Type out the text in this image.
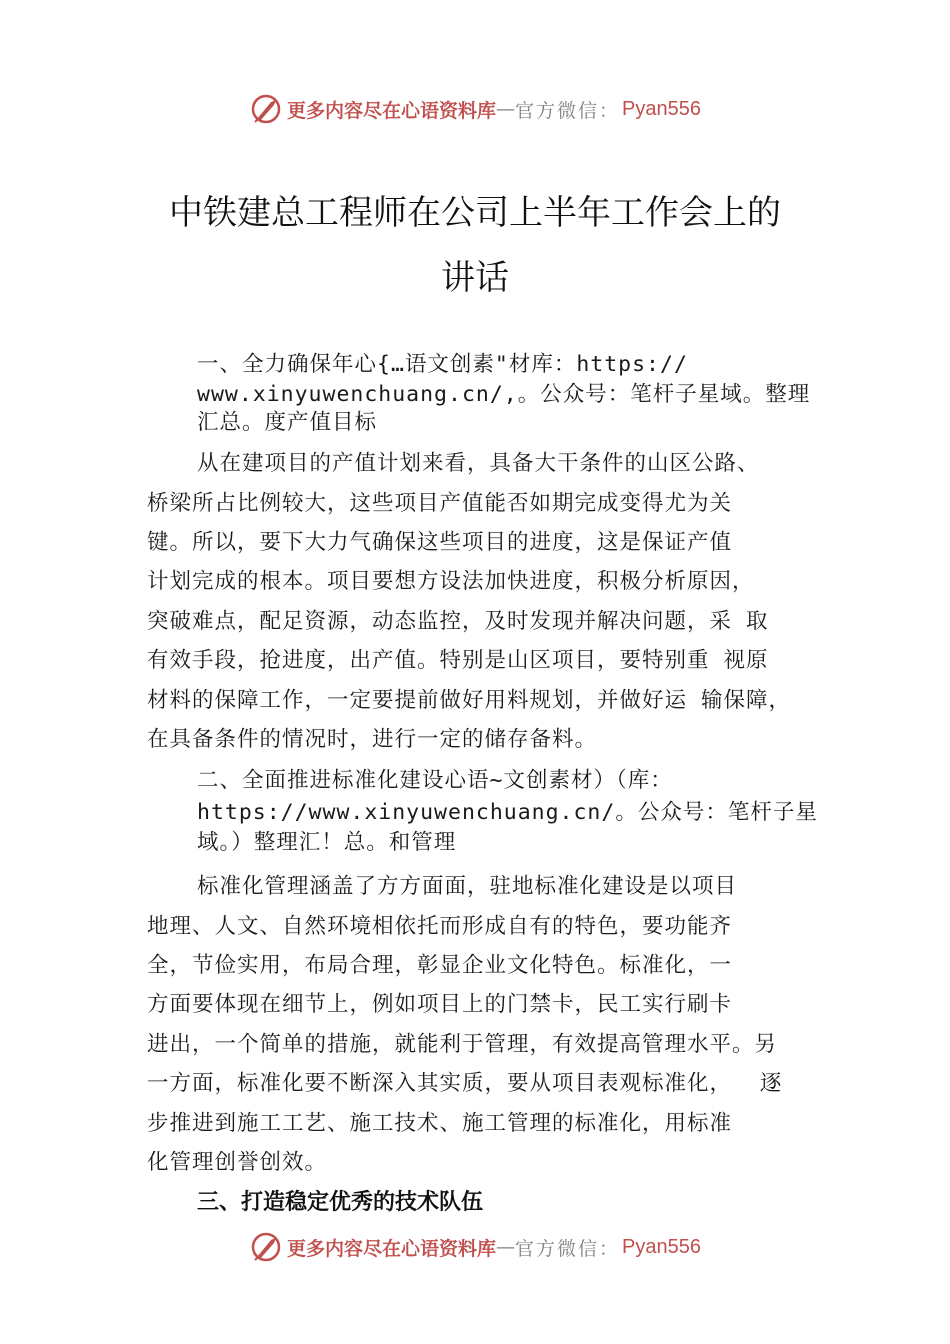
更多内容尽在心语资料库 — 官方微信： Pyan556
中铁建总工程师在公司上半年工作会上的
讲话
一、全力确保年心{…语文创素"材库：https://
www.xinyuwenchuang.cn/,。公众号：笔杆子星域。整理
汇总。度产值目标
从在建项目的产值计划来看，具备大干条件的山区公路、
桥梁所占比例较大，这些项目产值能否如期完成变得尤为关
键。所以，要下大力气确保这些项目的进度，这是保证产值
计划完成的根本。项目要想方设法加快进度，积极分析原因，
突破难点，配足资源，动态监控，及时发现并解决问题，采 取
有效手段，抢进度，出产值。特别是山区项目，要特别重 视原
材料的保障工作，一定要提前做好用料规划，并做好运 输保障，
在具备条件的情况时，进行一定的储存备料。
二、全面推进标准化建设心语~文创素材）（库：
https://www.xinyuwenchuang.cn/。公众号：笔杆子星
域。）整理汇！总。和管理
标准化管理涵盖了方方面面，驻地标准化建设是以项目
地理、人文、自然环境相依托而形成自有的特色，要功能齐
全，节俭实用，布局合理，彰显企业文化特色。标准化，一
方面要体现在细节上，例如项目上的门禁卡，民工实行刷卡
进出，一个简单的措施，就能利于管理，有效提高管理水平。另
一方面，标准化要不断深入其实质，要从项目表观标准化，  逐
步推进到施工工艺、施工技术、施工管理的标准化，用标准
化管理创誉创效。
三、打造稳定优秀的技术队伍
更多内容尽在心语资料库 — 官方微信： Pyan556
